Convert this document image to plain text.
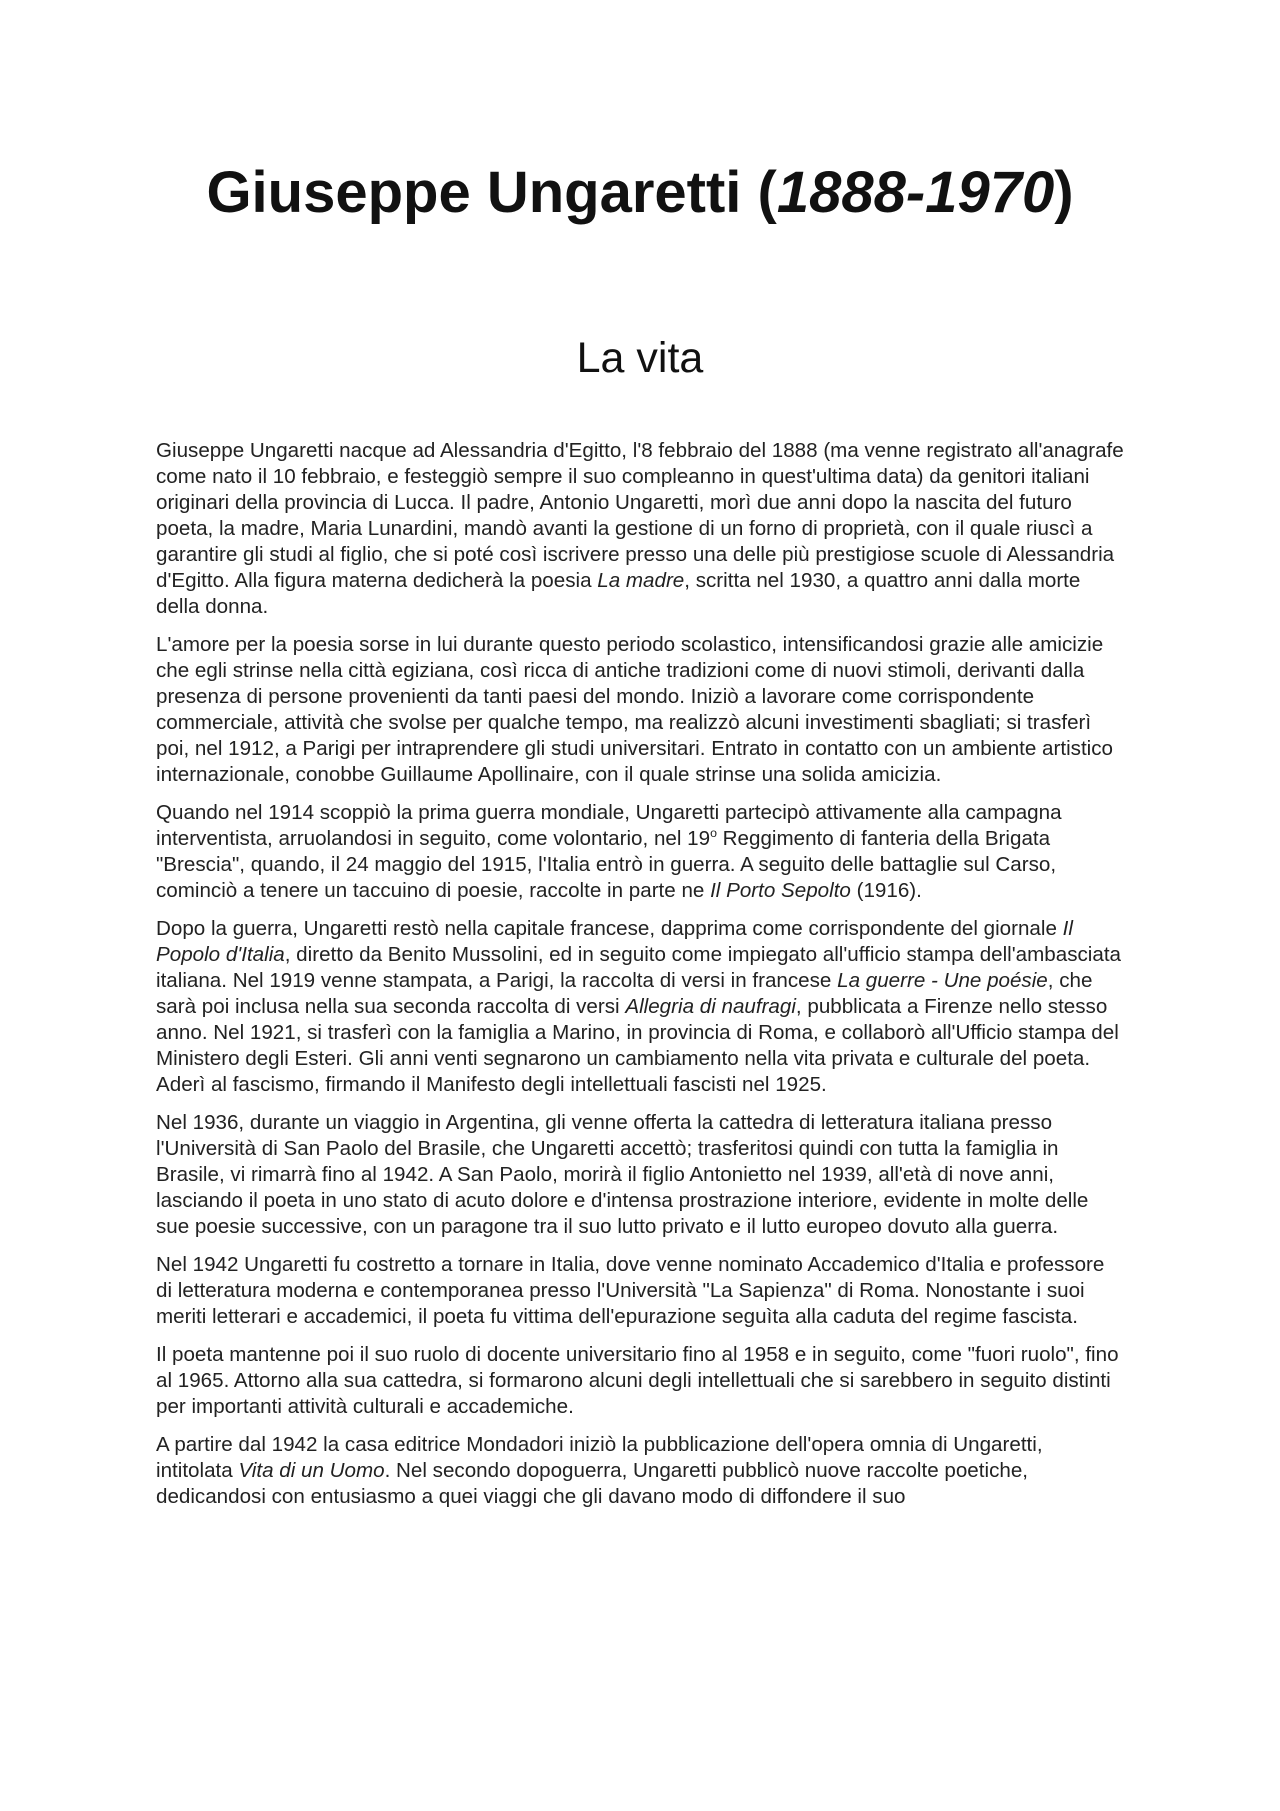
Giuseppe Ungaretti (1888-1970)
La vita

Giuseppe Ungaretti nacque ad Alessandria d'Egitto, l'8 febbraio del 1888 (ma venne registrato all'anagrafe come nato il 10 febbraio, e festeggiò sempre il suo compleanno in quest'ultima data) da genitori italiani originari della provincia di Lucca. Il padre, Antonio Ungaretti, morì due anni dopo la nascita del futuro poeta, la madre, Maria Lunardini, mandò avanti la gestione di un forno di proprietà, con il quale riuscì a garantire gli studi al figlio, che si poté così iscrivere presso una delle più prestigiose scuole di Alessandria d'Egitto. Alla figura materna dedicherà la poesia La madre, scritta nel 1930, a quattro anni dalla morte della donna.

L'amore per la poesia sorse in lui durante questo periodo scolastico, intensificandosi grazie alle amicizie che egli strinse nella città egiziana, così ricca di antiche tradizioni come di nuovi stimoli, derivanti dalla presenza di persone provenienti da tanti paesi del mondo. Iniziò a lavorare come corrispondente commerciale, attività che svolse per qualche tempo, ma realizzò alcuni investimenti sbagliati; si trasferì poi, nel 1912, a Parigi per intraprendere gli studi universitari. Entrato in contatto con un ambiente artistico internazionale, conobbe Guillaume Apollinaire, con il quale strinse una solida amicizia.

Quando nel 1914 scoppiò la prima guerra mondiale, Ungaretti partecipò attivamente alla campagna interventista, arruolandosi in seguito, come volontario, nel 19$^o$ Reggimento di fanteria della Brigata "Brescia", quando, il 24 maggio del 1915, l'Italia entrò in guerra. A seguito delle battaglie sul Carso, cominciò a tenere un taccuino di poesie, raccolte in parte ne Il Porto Sepolto (1916).

Dopo la guerra, Ungaretti restò nella capitale francese, dapprima come corrispondente del giornale Il Popolo d'Italia, diretto da Benito Mussolini, ed in seguito come impiegato all'ufficio stampa dell'ambasciata italiana. Nel 1919 venne stampata, a Parigi, la raccolta di versi in francese La guerre - Une poésie, che sarà poi inclusa nella sua seconda raccolta di versi Allegria di naufragi, pubblicata a Firenze nello stesso anno. Nel 1921, si trasferì con la famiglia a Marino, in provincia di Roma, e collaborò all'Ufficio stampa del Ministero degli Esteri. Gli anni venti segnarono un cambiamento nella vita privata e culturale del poeta. Aderì al fascismo, firmando il Manifesto degli intellettuali fascisti nel 1925.

Nel 1936, durante un viaggio in Argentina, gli venne offerta la cattedra di letteratura italiana presso l'Università di San Paolo del Brasile, che Ungaretti accettò; trasferitosi quindi con tutta la famiglia in Brasile, vi rimarrà fino al 1942. A San Paolo, morirà il figlio Antonietto nel 1939, all'età di nove anni, lasciando il poeta in uno stato di acuto dolore e d'intensa prostrazione interiore, evidente in molte delle sue poesie successive, con un paragone tra il suo lutto privato e il lutto europeo dovuto alla guerra.

Nel 1942 Ungaretti fu costretto a tornare in Italia, dove venne nominato Accademico d'Italia e professore di letteratura moderna e contemporanea presso l'Università "La Sapienza" di Roma. Nonostante i suoi meriti letterari e accademici, il poeta fu vittima dell'epurazione seguìta alla caduta del regime fascista.

Il poeta mantenne poi il suo ruolo di docente universitario fino al 1958 e in seguito, come "fuori ruolo", fino al 1965. Attorno alla sua cattedra, si formarono alcuni degli intellettuali che si sarebbero in seguito distinti per importanti attività culturali e accademiche.

A partire dal 1942 la casa editrice Mondadori iniziò la pubblicazione dell'opera omnia di Ungaretti, intitolata Vita di un Uomo. Nel secondo dopoguerra, Ungaretti pubblicò nuove raccolte poetiche, dedicandosi con entusiasmo a quei viaggi che gli davano modo di diffondere il suo
